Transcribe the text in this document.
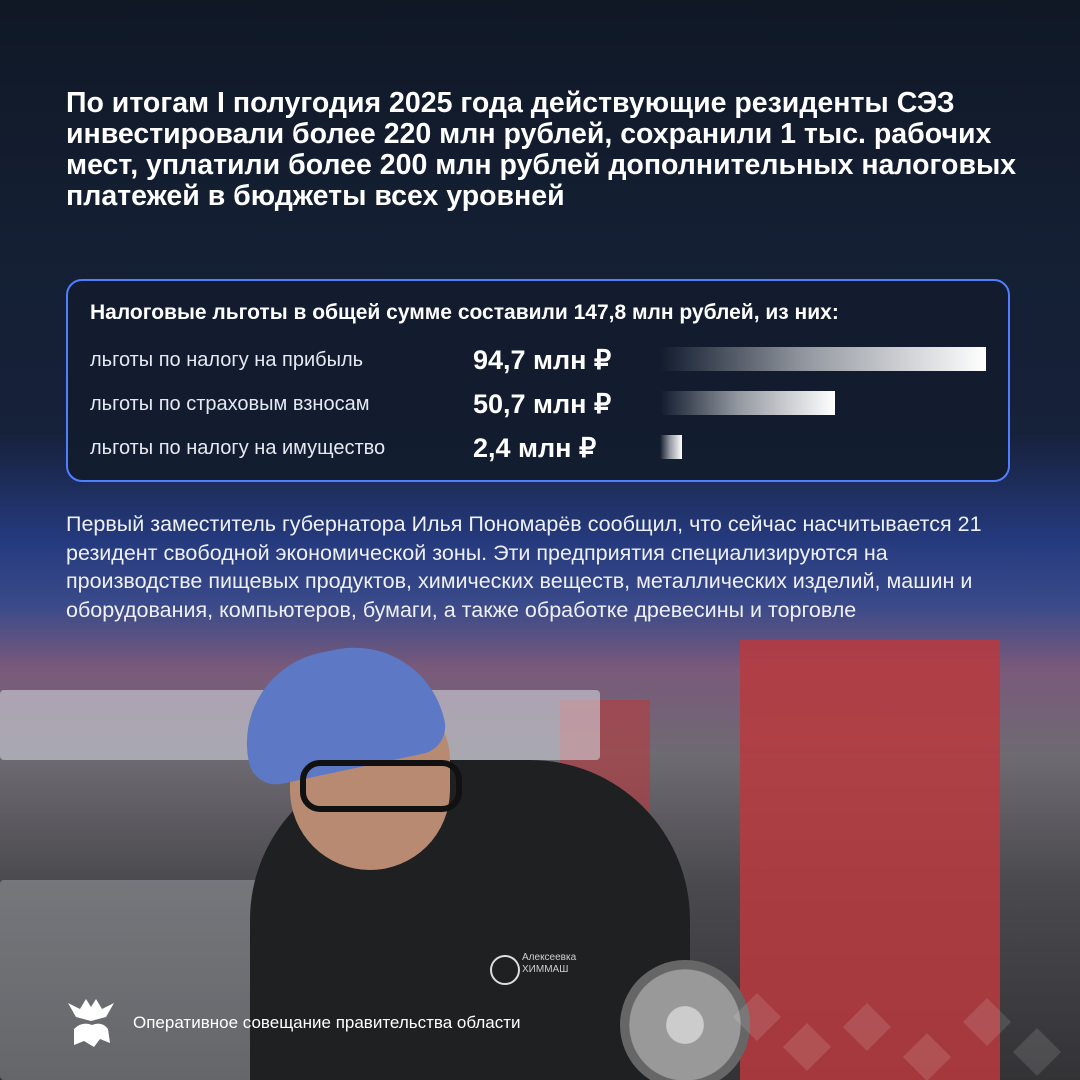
Алексеевка ХИММАШ

По итогам I полугодия 2025 года действующие резиденты СЭЗ инвестировали более 220 млн рублей, сохранили 1 тыс. рабочих мест, уплатили более 200 млн рублей дополнительных налоговых платежей в бюджеты всех уровней

Налоговые льготы в общей сумме составили 147,8 млн рублей, из них:
льготы по налогу на прибыль	94,7 млн ₽
льготы по страховым взносам	50,7 млн ₽
льготы по налогу на имущество	2,4 млн ₽

Первый заместитель губернатора Илья Пономарёв сообщил, что сейчас насчитывается 21 резидент свободной экономической зоны. Эти предприятия специализируются на производстве пищевых продуктов, химических веществ, металлических изделий, машин и оборудования, компьютеров, бумаги, а также обработке древесины и торговле

Оперативное совещание правительства области
